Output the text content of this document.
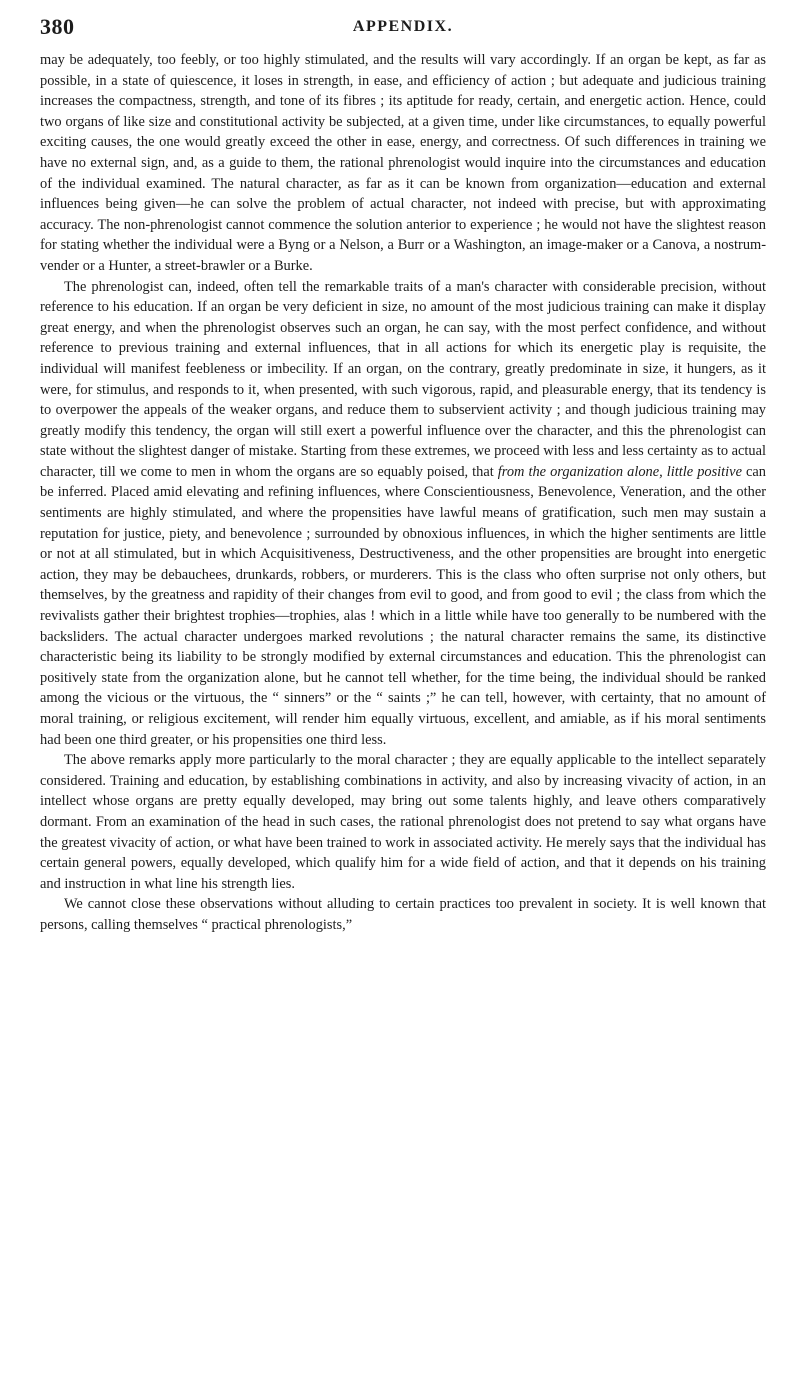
380	APPENDIX.

may be adequately, too feebly, or too highly stimulated, and the results will vary accordingly. If an organ be kept, as far as possible, in a state of quiescence, it loses in strength, in ease, and efficiency of action ; but adequate and judicious training increases the compactness, strength, and tone of its fibres ; its aptitude for ready, certain, and energetic action. Hence, could two organs of like size and constitutional activity be subjected, at a given time, under like circumstances, to equally powerful exciting causes, the one would greatly exceed the other in ease, energy, and correctness. Of such differences in training we have no external sign, and, as a guide to them, the rational phrenologist would inquire into the circumstances and education of the individual examined. The natural character, as far as it can be known from organization—education and external influences being given—he can solve the problem of actual character, not indeed with precise, but with approximating accuracy. The non-phrenologist cannot commence the solution anterior to experience ; he would not have the slightest reason for stating whether the individual were a Byng or a Nelson, a Burr or a Washington, an image-maker or a Canova, a nostrum-vender or a Hunter, a street-brawler or a Burke.

The phrenologist can, indeed, often tell the remarkable traits of a man's character with considerable precision, without reference to his education. If an organ be very deficient in size, no amount of the most judicious training can make it display great energy, and when the phrenologist observes such an organ, he can say, with the most perfect confidence, and without reference to previous training and external influences, that in all actions for which its energetic play is requisite, the individual will manifest feebleness or imbecility. If an organ, on the contrary, greatly predominate in size, it hungers, as it were, for stimulus, and responds to it, when presented, with such vigorous, rapid, and pleasurable energy, that its tendency is to overpower the appeals of the weaker organs, and reduce them to subservient activity ; and though judicious training may greatly modify this tendency, the organ will still exert a powerful influence over the character, and this the phrenologist can state without the slightest danger of mistake. Starting from these extremes, we proceed with less and less certainty as to actual character, till we come to men in whom the organs are so equably poised, that from the organization alone, little positive can be inferred. Placed amid elevating and refining influences, where Conscientiousness, Benevolence, Veneration, and the other sentiments are highly stimulated, and where the propensities have lawful means of gratification, such men may sustain a reputation for justice, piety, and benevolence ; surrounded by obnoxious influences, in which the higher sentiments are little or not at all stimulated, but in which Acquisitiveness, Destructiveness, and the other propensities are brought into energetic action, they may be debauchees, drunkards, robbers, or murderers. This is the class who often surprise not only others, but themselves, by the greatness and rapidity of their changes from evil to good, and from good to evil ; the class from which the revivalists gather their brightest trophies—trophies, alas ! which in a little while have too generally to be numbered with the backsliders. The actual character undergoes marked revolutions ; the natural character remains the same, its distinctive characteristic being its liability to be strongly modified by external circumstances and education. This the phrenologist can positively state from the organization alone, but he cannot tell whether, for the time being, the individual should be ranked among the vicious or the virtuous, the “ sinners” or the “ saints ;” he can tell, however, with certainty, that no amount of moral training, or religious excitement, will render him equally virtuous, excellent, and amiable, as if his moral sentiments had been one third greater, or his propensities one third less.

The above remarks apply more particularly to the moral character ; they are equally applicable to the intellect separately considered. Training and education, by establishing combinations in activity, and also by increasing vivacity of action, in an intellect whose organs are pretty equally developed, may bring out some talents highly, and leave others comparatively dormant. From an examination of the head in such cases, the rational phrenologist does not pretend to say what organs have the greatest vivacity of action, or what have been trained to work in associated activity. He merely says that the individual has certain general powers, equally developed, which qualify him for a wide field of action, and that it depends on his training and instruction in what line his strength lies.

We cannot close these observations without alluding to certain practices too prevalent in society. It is well known that persons, calling themselves “ practical phrenologists,”
